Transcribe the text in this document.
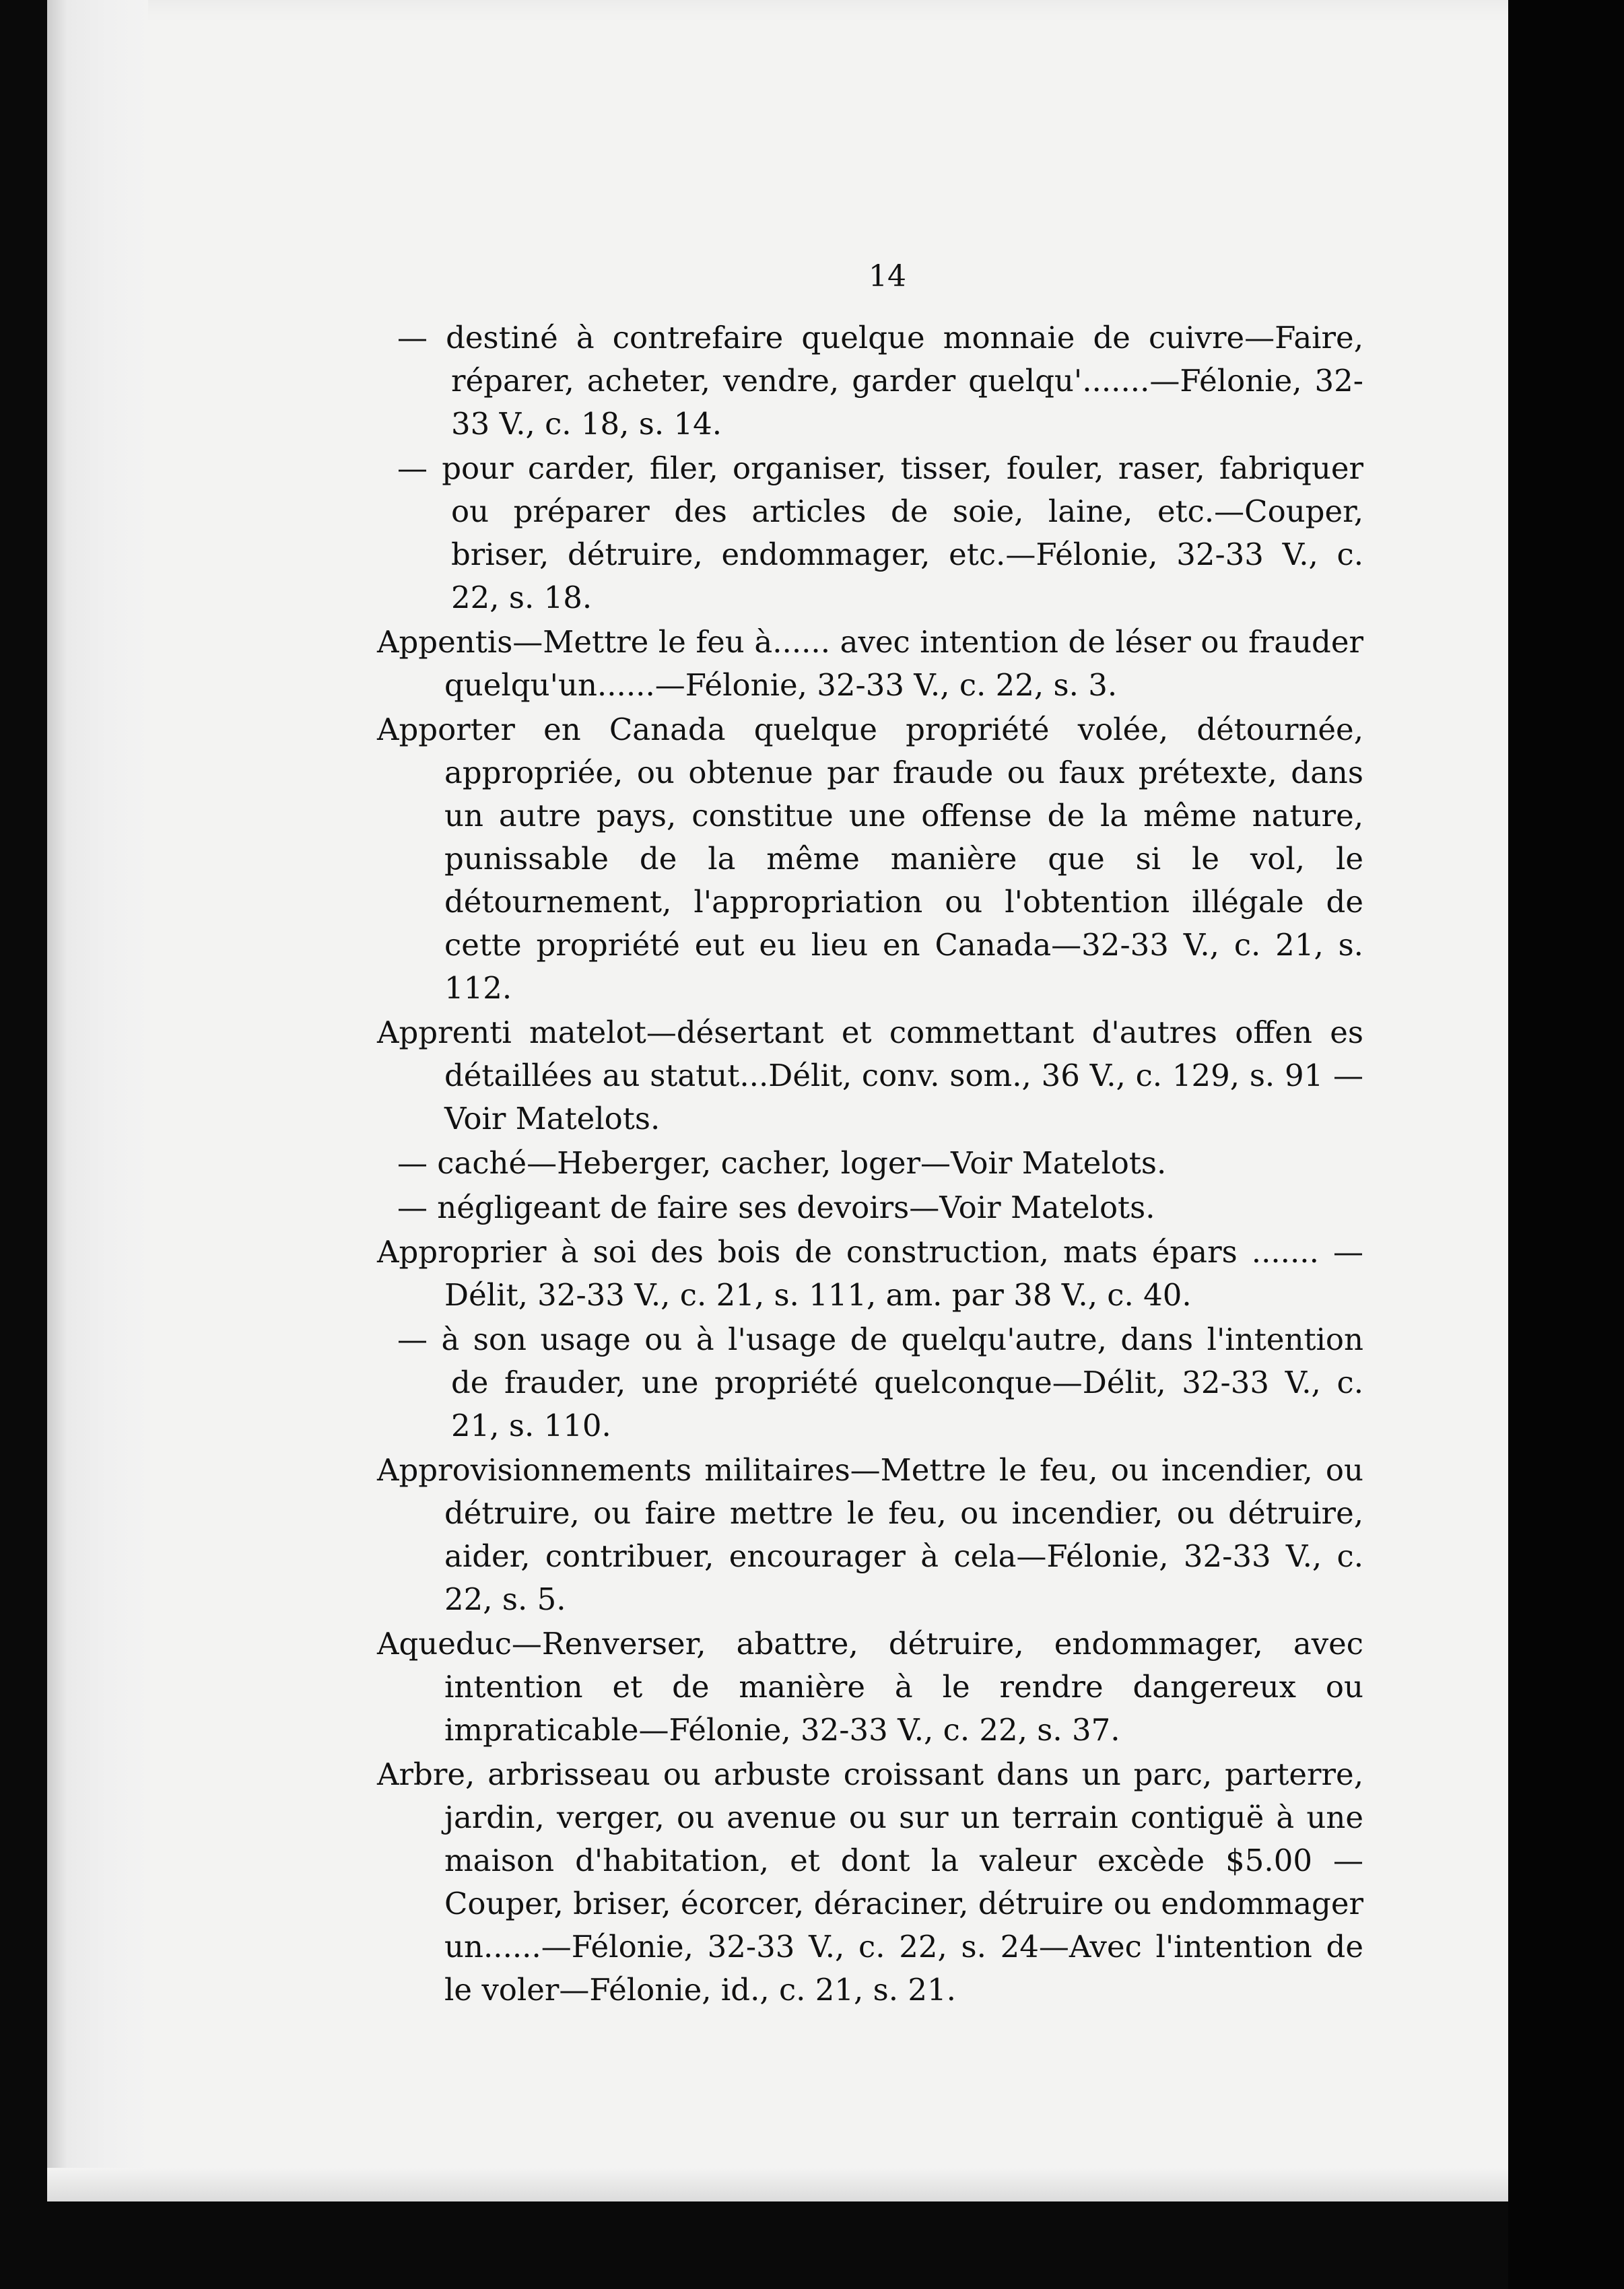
14

— destiné à contrefaire quelque monnaie de cuivre—Faire, réparer, acheter, vendre, garder quelqu'.......—Félonie, 32-33 V., c. 18, s. 14.

— pour carder, filer, organiser, tisser, fouler, raser, fabriquer ou préparer des articles de soie, laine, etc.—Couper, briser, détruire, endommager, etc.—Félonie, 32-33 V., c. 22, s. 18.

Appentis—Mettre le feu à...... avec intention de léser ou frauder quelqu'un......—Félonie, 32-33 V., c. 22, s. 3.

Apporter en Canada quelque propriété volée, détournée, appropriée, ou obtenue par fraude ou faux prétexte, dans un autre pays, constitue une offense de la même nature, punissable de la même manière que si le vol, le détournement, l'appropriation ou l'obtention illégale de cette propriété eut eu lieu en Canada—32-33 V., c. 21, s. 112.

Apprenti matelot—désertant et commettant d'autres offen es détaillées au statut...Délit, conv. som., 36 V., c. 129, s. 91 —Voir Matelots.

— caché—Heberger, cacher, loger—Voir Matelots.

— négligeant de faire ses devoirs—Voir Matelots.

Approprier à soi des bois de construction, mats épars ....... —Délit, 32-33 V., c. 21, s. 111, am. par 38 V., c. 40.

— à son usage ou à l'usage de quelqu'autre, dans l'intention de frauder, une propriété quelconque—Délit, 32-33 V., c. 21, s. 110.

Approvisionnements militaires—Mettre le feu, ou incendier, ou détruire, ou faire mettre le feu, ou incendier, ou détruire, aider, contribuer, encourager à cela—Félonie, 32-33 V., c. 22, s. 5.

Aqueduc—Renverser, abattre, détruire, endommager, avec intention et de manière à le rendre dangereux ou impraticable—Félonie, 32-33 V., c. 22, s. 37.

Arbre, arbrisseau ou arbuste croissant dans un parc, parterre, jardin, verger, ou avenue ou sur un terrain contiguë à une maison d'habitation, et dont la valeur excède $5.00 —Couper, briser, écorcer, déraciner, détruire ou endommager un......—Félonie, 32-33 V., c. 22, s. 24—Avec l'intention de le voler—Félonie, id., c. 21, s. 21.
